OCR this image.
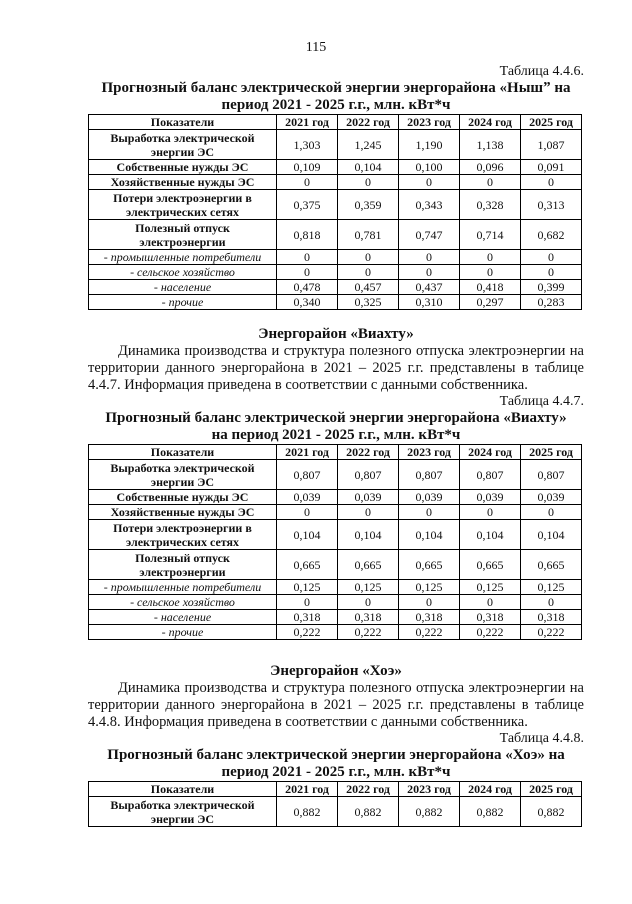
115
Таблица 4.4.6.
Прогнозный баланс электрической энергии энергорайона «Нышˮ на
период 2021 - 2025 г.г., млн. кВт*ч
Показатели	2021 год	2022 год	2023 год	2024 год	2025 год
Выработка электрической
энергии ЭС	1,303	1,245	1,190	1,138	1,087
Собственные нужды ЭС	0,109	0,104	0,100	0,096	0,091
Хозяйственные нужды ЭС	0	0	0	0	0
Потери электроэнергии в
электрических сетях	0,375	0,359	0,343	0,328	0,313
Полезный отпуск
электроэнергии	0,818	0,781	0,747	0,714	0,682
- промышленные потребители	0	0	0	0	0
- сельское хозяйство	0	0	0	0	0
- население	0,478	0,457	0,437	0,418	0,399
- прочие	0,340	0,325	0,310	0,297	0,283
Энергорайон «Виахту»
Динамика производства и структура полезного отпуска электроэнергии на территории данного энергорайона в 2021 – 2025 г.г. представлены в таблице 4.4.7. Информация приведена в соответствии с данными собственника.
Таблица 4.4.7.
Прогнозный баланс электрической энергии энергорайона «Виахту»
на период 2021 - 2025 г.г., млн. кВт*ч
Показатели	2021 год	2022 год	2023 год	2024 год	2025 год
Выработка электрической
энергии ЭС	0,807	0,807	0,807	0,807	0,807
Собственные нужды ЭС	0,039	0,039	0,039	0,039	0,039
Хозяйственные нужды ЭС	0	0	0	0	0
Потери электроэнергии в
электрических сетях	0,104	0,104	0,104	0,104	0,104
Полезный отпуск
электроэнергии	0,665	0,665	0,665	0,665	0,665
- промышленные потребители	0,125	0,125	0,125	0,125	0,125
- сельское хозяйство	0	0	0	0	0
- население	0,318	0,318	0,318	0,318	0,318
- прочие	0,222	0,222	0,222	0,222	0,222
Энергорайон «Хоэ»
Динамика производства и структура полезного отпуска электроэнергии на территории данного энергорайона в 2021 – 2025 г.г. представлены в таблице 4.4.8. Информация приведена в соответствии с данными собственника.
Таблица 4.4.8.
Прогнозный баланс электрической энергии энергорайона «Хоэ» на
период 2021 - 2025 г.г., млн. кВт*ч
Показатели	2021 год	2022 год	2023 год	2024 год	2025 год
Выработка электрической
энергии ЭС	0,882	0,882	0,882	0,882	0,882
